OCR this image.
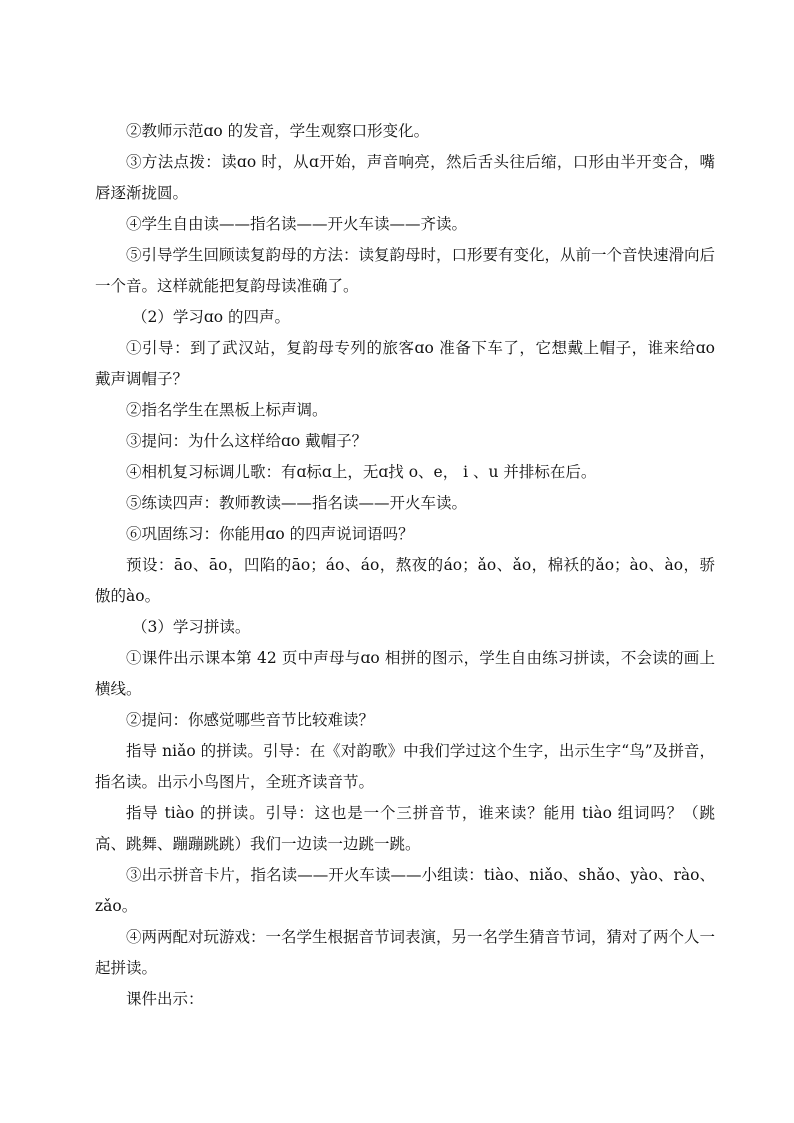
②教师示范ɑo 的发音，学生观察口形变化。

③方法点拨：读ɑo 时，从ɑ开始，声音响亮，然后舌头往后缩，口形由半开变合，嘴唇逐渐拢圆。

④学生自由读——指名读——开火车读——齐读。

⑤引导学生回顾读复韵母的方法：读复韵母时，口形要有变化，从前一个音快速滑向后一个音。这样就能把复韵母读准确了。

（2）学习ɑo 的四声。

①引导：到了武汉站，复韵母专列的旅客ɑo 准备下车了，它想戴上帽子，谁来给ɑo 戴声调帽子？

②指名学生在黑板上标声调。

③提问：为什么这样给ɑo 戴帽子？

④相机复习标调儿歌：有ɑ标ɑ上，无ɑ找 o、e， i 、u 并排标在后。

⑤练读四声：教师教读——指名读——开火车读。

⑥巩固练习：你能用ɑo 的四声说词语吗？

预设：āo、āo，凹陷的āo；áo、áo，熬夜的áo；ǎo、ǎo，棉袄的ǎo；ào、ào，骄傲的ào。

（3）学习拼读。

①课件出示课本第 42 页中声母与ɑo 相拼的图示，学生自由练习拼读，不会读的画上横线。

②提问：你感觉哪些音节比较难读？

指导 niǎo 的拼读。引导：在《对韵歌》中我们学过这个生字，出示生字“鸟”及拼音，指名读。出示小鸟图片，全班齐读音节。

指导 tiào 的拼读。引导：这也是一个三拼音节，谁来读？能用 tiào 组词吗？（跳高、跳舞、蹦蹦跳跳）我们一边读一边跳一跳。

③出示拼音卡片，指名读——开火车读——小组读：tiào、niǎo、shǎo、yào、rào、zǎo。

④两两配对玩游戏：一名学生根据音节词表演，另一名学生猜音节词，猜对了两个人一起拼读。

课件出示：
